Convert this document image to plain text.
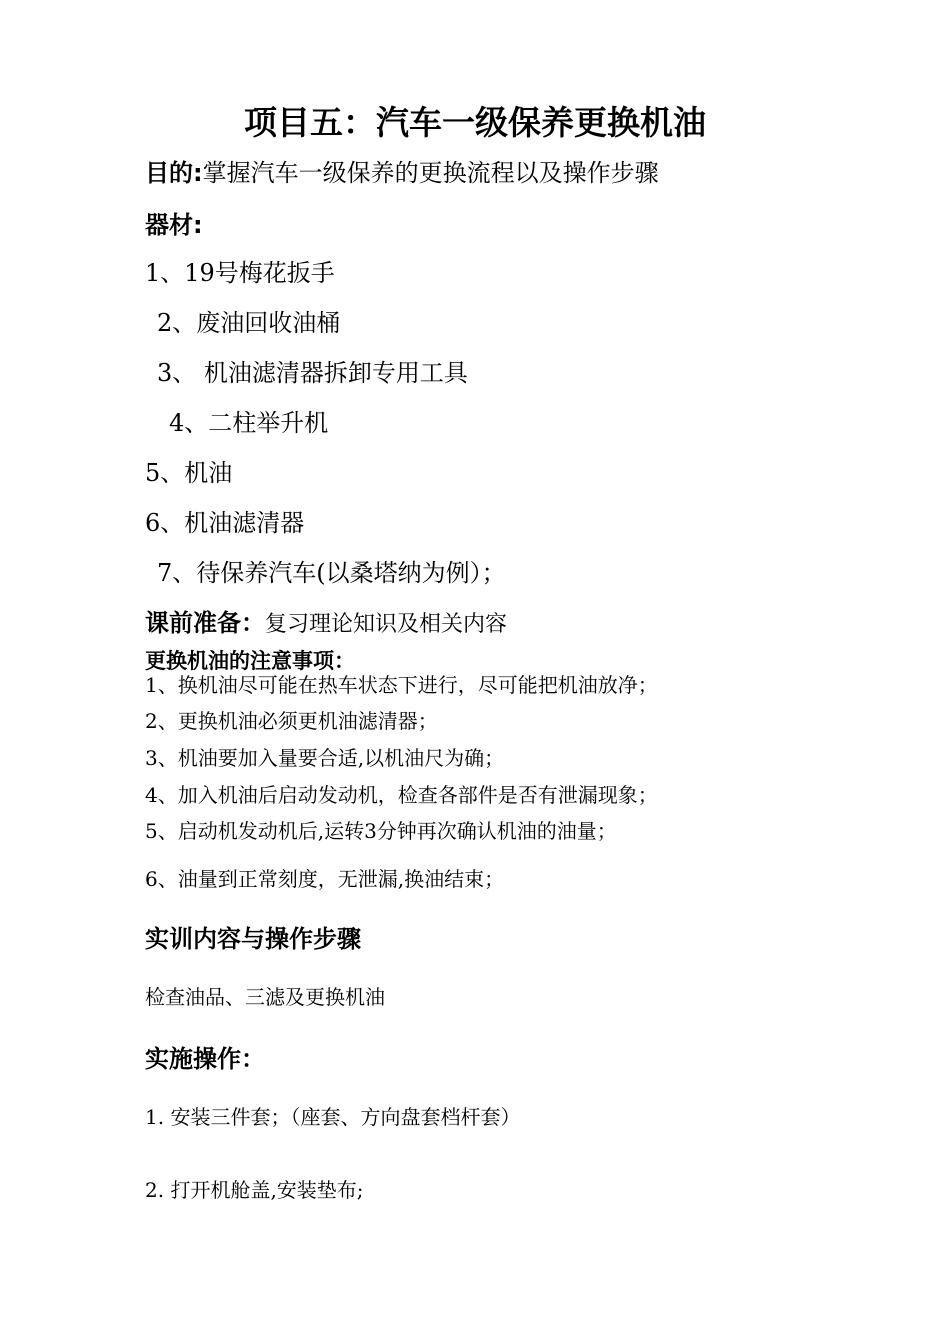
项目五：汽车一级保养更换机油
目的:掌握汽车一级保养的更换流程以及操作步骤
器材:
1、19号梅花扳手
2、废油回收油桶
3、 机油滤清器拆卸专用工具
4、二柱举升机
5、机油
6、机油滤清器
7、待保养汽车(以桑塔纳为例）；
课前准备：复习理论知识及相关内容
更换机油的注意事项：
1、换机油尽可能在热车状态下进行，尽可能把机油放净；
2、更换机油必须更机油滤清器；
3、机油要加入量要合适,以机油尺为确；
4、加入机油后启动发动机，检查各部件是否有泄漏现象；
5、启动机发动机后,运转3分钟再次确认机油的油量；
6、油量到正常刻度，无泄漏,换油结束；
实训内容与操作步骤
检查油品、三滤及更换机油
实施操作：
1. 安装三件套；（座套、方向盘套档杆套）
2. 打开机舱盖,安装垫布;
